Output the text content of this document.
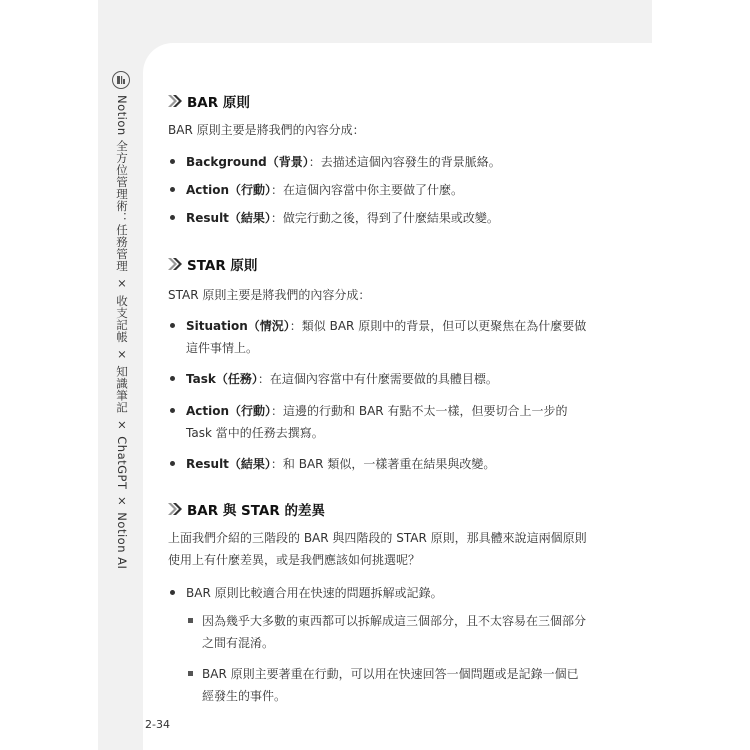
Notion 全方位管理術：任務管理 × 收支記帳 × 知識筆記 × ChatGPT × Notion AI
2-34
BAR 原則

BAR 原則主要是將我們的內容分成：

Background（背景）：去描述這個內容發生的背景脈絡。
Action（行動）：在這個內容當中你主要做了什麼。
Result（結果）：做完行動之後，得到了什麼結果或改變。
STAR 原則

STAR 原則主要是將我們的內容分成：

Situation（情況）：類似 BAR 原則中的背景，但可以更聚焦在為什麼要做這件事情上。
Task（任務）：在這個內容當中有什麼需要做的具體目標。
Action（行動）：這邊的行動和 BAR 有點不太一樣，但要切合上一步的 Task 當中的任務去撰寫。
Result（結果）：和 BAR 類似，一樣著重在結果與改變。
BAR 與 STAR 的差異

上面我們介紹的三階段的 BAR 與四階段的 STAR 原則，那具體來說這兩個原則使用上有什麼差異，或是我們應該如何挑選呢？

BAR 原則比較適合用在快速的問題拆解或記錄。
因為幾乎大多數的東西都可以拆解成這三個部分，且不太容易在三個部分之間有混淆。
BAR 原則主要著重在行動，可以用在快速回答一個問題或是記錄一個已經發生的事件。
